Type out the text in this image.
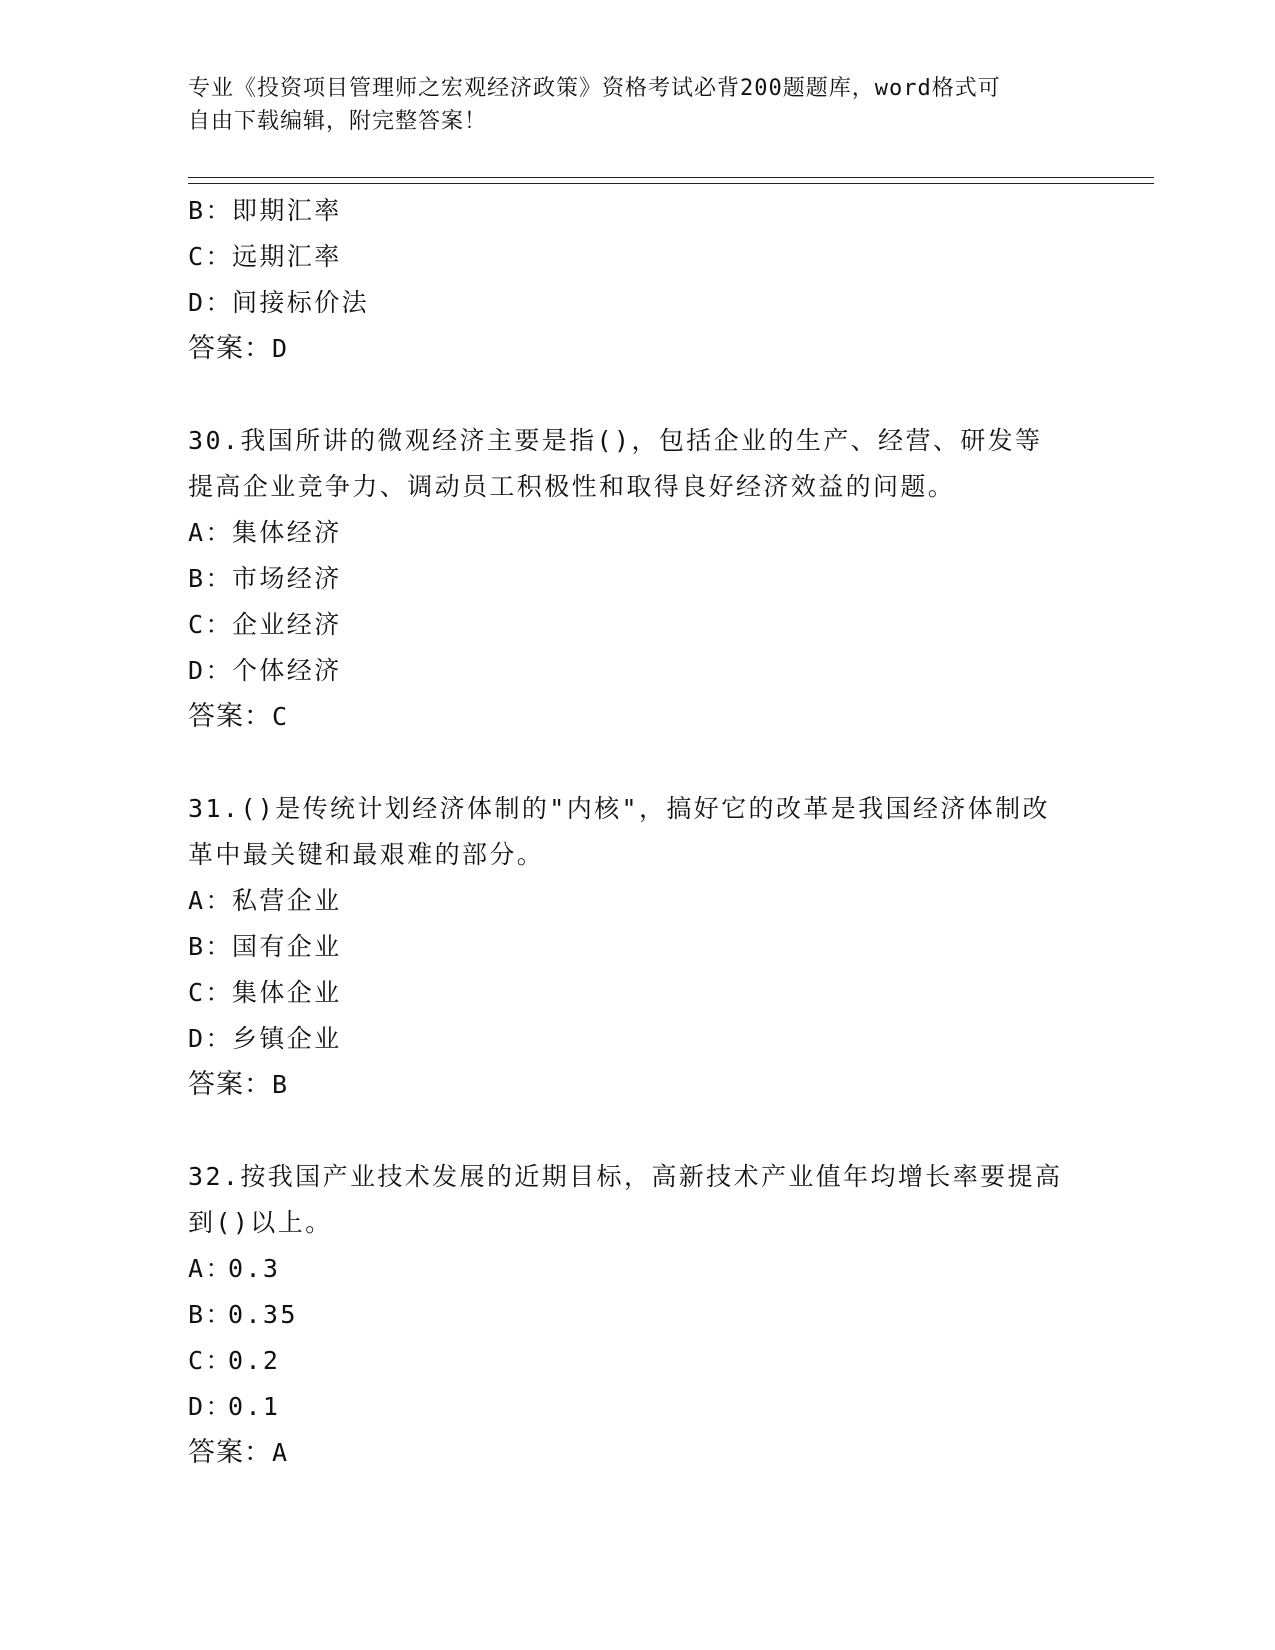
专业《投资项目管理师之宏观经济政策》资格考试必背200题题库，word格式可
自由下载编辑，附完整答案！
B：即期汇率
C：远期汇率
D：间接标价法
答案：D
30.我国所讲的微观经济主要是指()，包括企业的生产、经营、研发等提高企业竞争力、调动员工积极性和取得良好经济效益的问题。
A：集体经济
B：市场经济
C：企业经济
D：个体经济
答案：C
31.()是传统计划经济体制的"内核"，搞好它的改革是我国经济体制改革中最关键和最艰难的部分。
A：私营企业
B：国有企业
C：集体企业
D：乡镇企业
答案：B
32.按我国产业技术发展的近期目标，高新技术产业值年均增长率要提高到()以上。
A：0.3
B：0.35
C：0.2
D：0.1
答案：A
